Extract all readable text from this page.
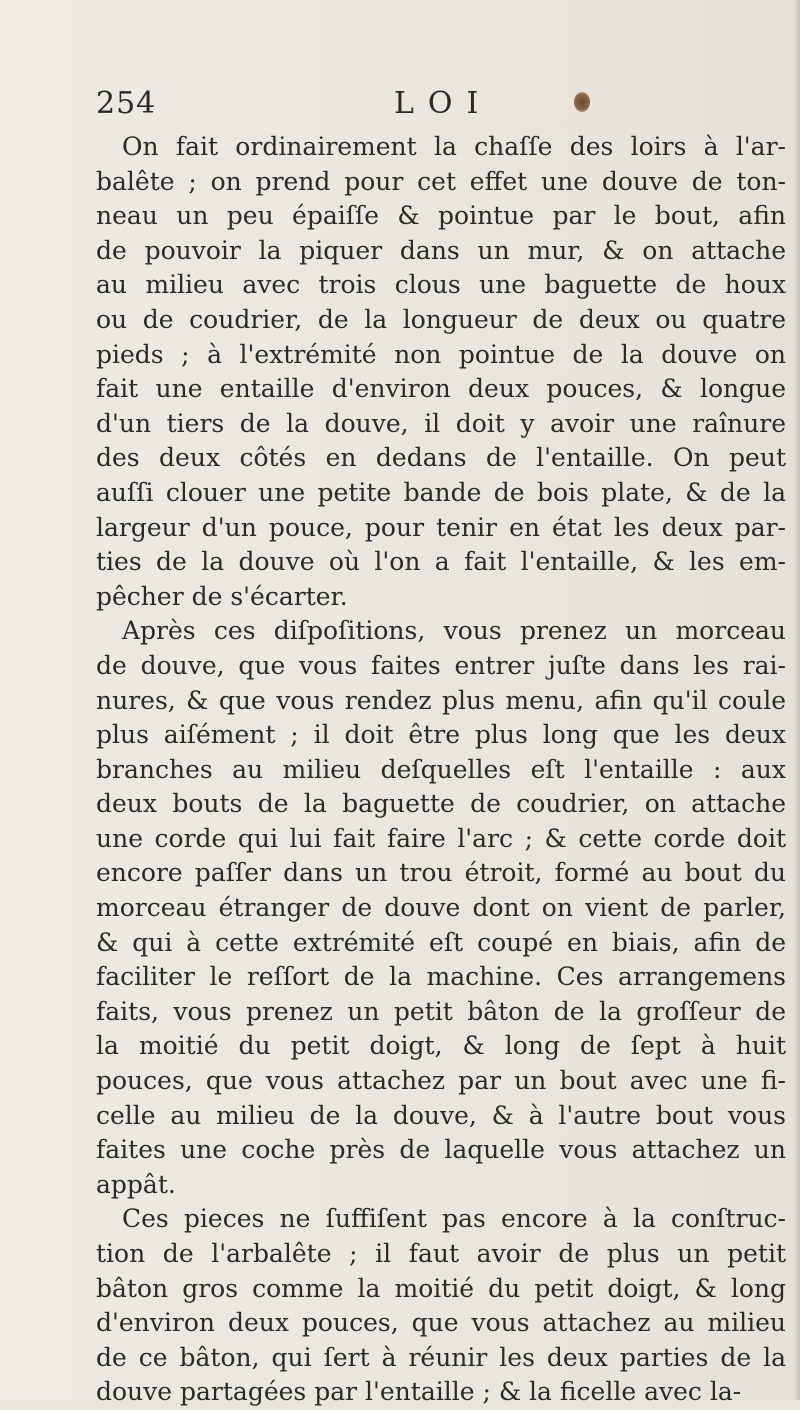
254	LOI
On fait ordinairement la chaſſe des loirs à l'ar-
balête ; on prend pour cet effet une douve de ton-
neau un peu épaiſſe & pointue par le bout, afin
de pouvoir la piquer dans un mur, & on attache
au milieu avec trois clous une baguette de houx
ou de coudrier, de la longueur de deux ou quatre
pieds ; à l'extrémité non pointue de la douve on
fait une entaille d'environ deux pouces, & longue
d'un tiers de la douve, il doit y avoir une raînure
des deux côtés en dedans de l'entaille. On peut
auſſi clouer une petite bande de bois plate, & de la
largeur d'un pouce, pour tenir en état les deux par-
ties de la douve où l'on a fait l'entaille, & les em-
pêcher de s'écarter.
Après ces diſpoſitions, vous prenez un morceau
de douve, que vous faites entrer juſte dans les rai-
nures, & que vous rendez plus menu, afin qu'il coule
plus aiſément ; il doit être plus long que les deux
branches au milieu deſquelles eſt l'entaille : aux
deux bouts de la baguette de coudrier, on attache
une corde qui lui fait faire l'arc ; & cette corde doit
encore paſſer dans un trou étroit, formé au bout du
morceau étranger de douve dont on vient de parler,
& qui à cette extrémité eſt coupé en biais, afin de
faciliter le reſſort de la machine. Ces arrangemens
faits, vous prenez un petit bâton de la groſſeur de
la moitié du petit doigt, & long de ſept à huit
pouces, que vous attachez par un bout avec une fi-
celle au milieu de la douve, & à l'autre bout vous
faites une coche près de laquelle vous attachez un
appât.
Ces pieces ne ſuffiſent pas encore à la conſtruc-
tion de l'arbalête ; il faut avoir de plus un petit
bâton gros comme la moitié du petit doigt, & long
d'environ deux pouces, que vous attachez au milieu
de ce bâton, qui ſert à réunir les deux parties de la
douve partagées par l'entaille ; & la ficelle avec la-
